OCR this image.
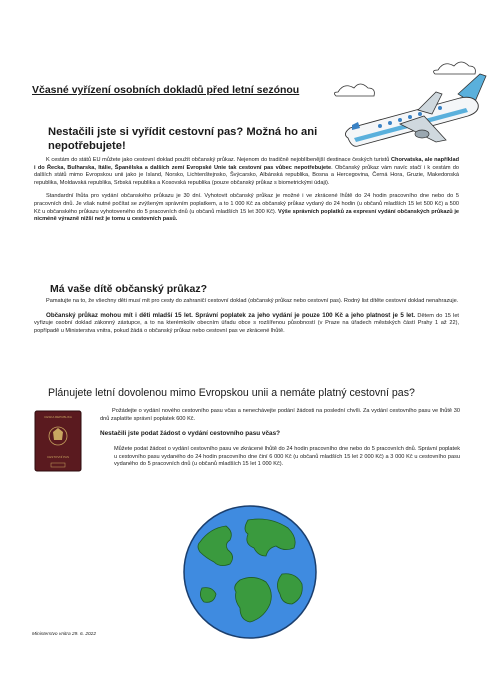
Včasné vyřízení osobních dokladů před letní sezónou
Nestačili jste si vyřídit cestovní pas? Možná ho ani nepotřebujete!

K cestám do států EU můžete jako cestovní doklad použít občanský průkaz. Nejenom do tradičně nejoblíbenější destinace českých turistů Chorvatska, ale například i do Řecka, Bulharska, Itálie, Španělska a dalších zemí Evropské Unie tak cestovní pas vůbec nepotřebujete. Občanský průkaz vám navíc stačí i k cestám do dalších států mimo Evropskou unii jako je Island, Norsko, Lichtenštejnsko, Švýcarsko, Albánská republika, Bosna a Hercegovina, Černá Hora, Gruzie, Makedonská republika, Moldavská republika, Srbská republika a Kosovská republika (pouze občanský průkaz s biometrickými údaji).

Standardní lhůta pro vydání občanského průkazu je 30 dní. Vyhotovit občanský průkaz je možné i ve zkrácené lhůtě do 24 hodin pracovního dne nebo do 5 pracovních dnů. Je však nutné počítat se zvýšeným správním poplatkem, a to 1 000 Kč za občanský průkaz vydaný do 24 hodin (u občanů mladších 15 let 500 Kč) a 500 Kč u občanského průkazu vyhotoveného do 5 pracovních dnů (u občanů mladších 15 let 300 Kč). Výše správních poplatků za expresní vydání občanských průkazů je nicméně výrazně nižší než je tomu u cestovních pasů.

Má vaše dítě občanský průkaz?

Pamatujte na to, že všechny děti musí mít pro cesty do zahraničí cestovní doklad (občanský průkaz nebo cestovní pas). Rodný list dítěte cestovní doklad nenahrazuje.

Občanský průkaz mohou mít i děti mladší 15 let. Správní poplatek za jeho vydání je pouze 100 Kč a jeho platnost je 5 let. Dětem do 15 let vyřizuje osobní doklad zákonný zástupce, a to na kterémkoliv obecním úřadu obce s rozšířenou působností (v Praze na úřadech městských částí Prahy 1 až 22), popřípadě u Ministerstva vnitra, pokud žádá o občanský průkaz nebo cestovní pas ve zkrácené lhůtě.

Plánujete letní dovolenou mimo Evropskou unii a nemáte platný cestovní pas?
CESKA REPUBLIKA
CESTOVNÍ PAS

Požádejte o vydání nového cestovního pasu včas a nenechávejte podání žádosti na poslední chvíli. Za vydání cestovního pasu ve lhůtě 30 dnů zaplatíte správní poplatek 600 Kč.

Nestačili jste podat žádost o vydání cestovního pasu včas?

Můžete podat žádost o vydání cestovního pasu ve zkrácené lhůtě do 24 hodin pracovního dne nebo do 5 pracovních dnů. Správní poplatek u cestovního pasu vydaného do 24 hodin pracovního dne činí 6 000 Kč (u občanů mladších 15 let 2 000 Kč) a 3 000 Kč u cestovního pasu vydaného do 5 pracovních dnů (u občanů mladších 15 let 1 000 Kč).

Ministerstvo vnitra 29. 6. 2022
